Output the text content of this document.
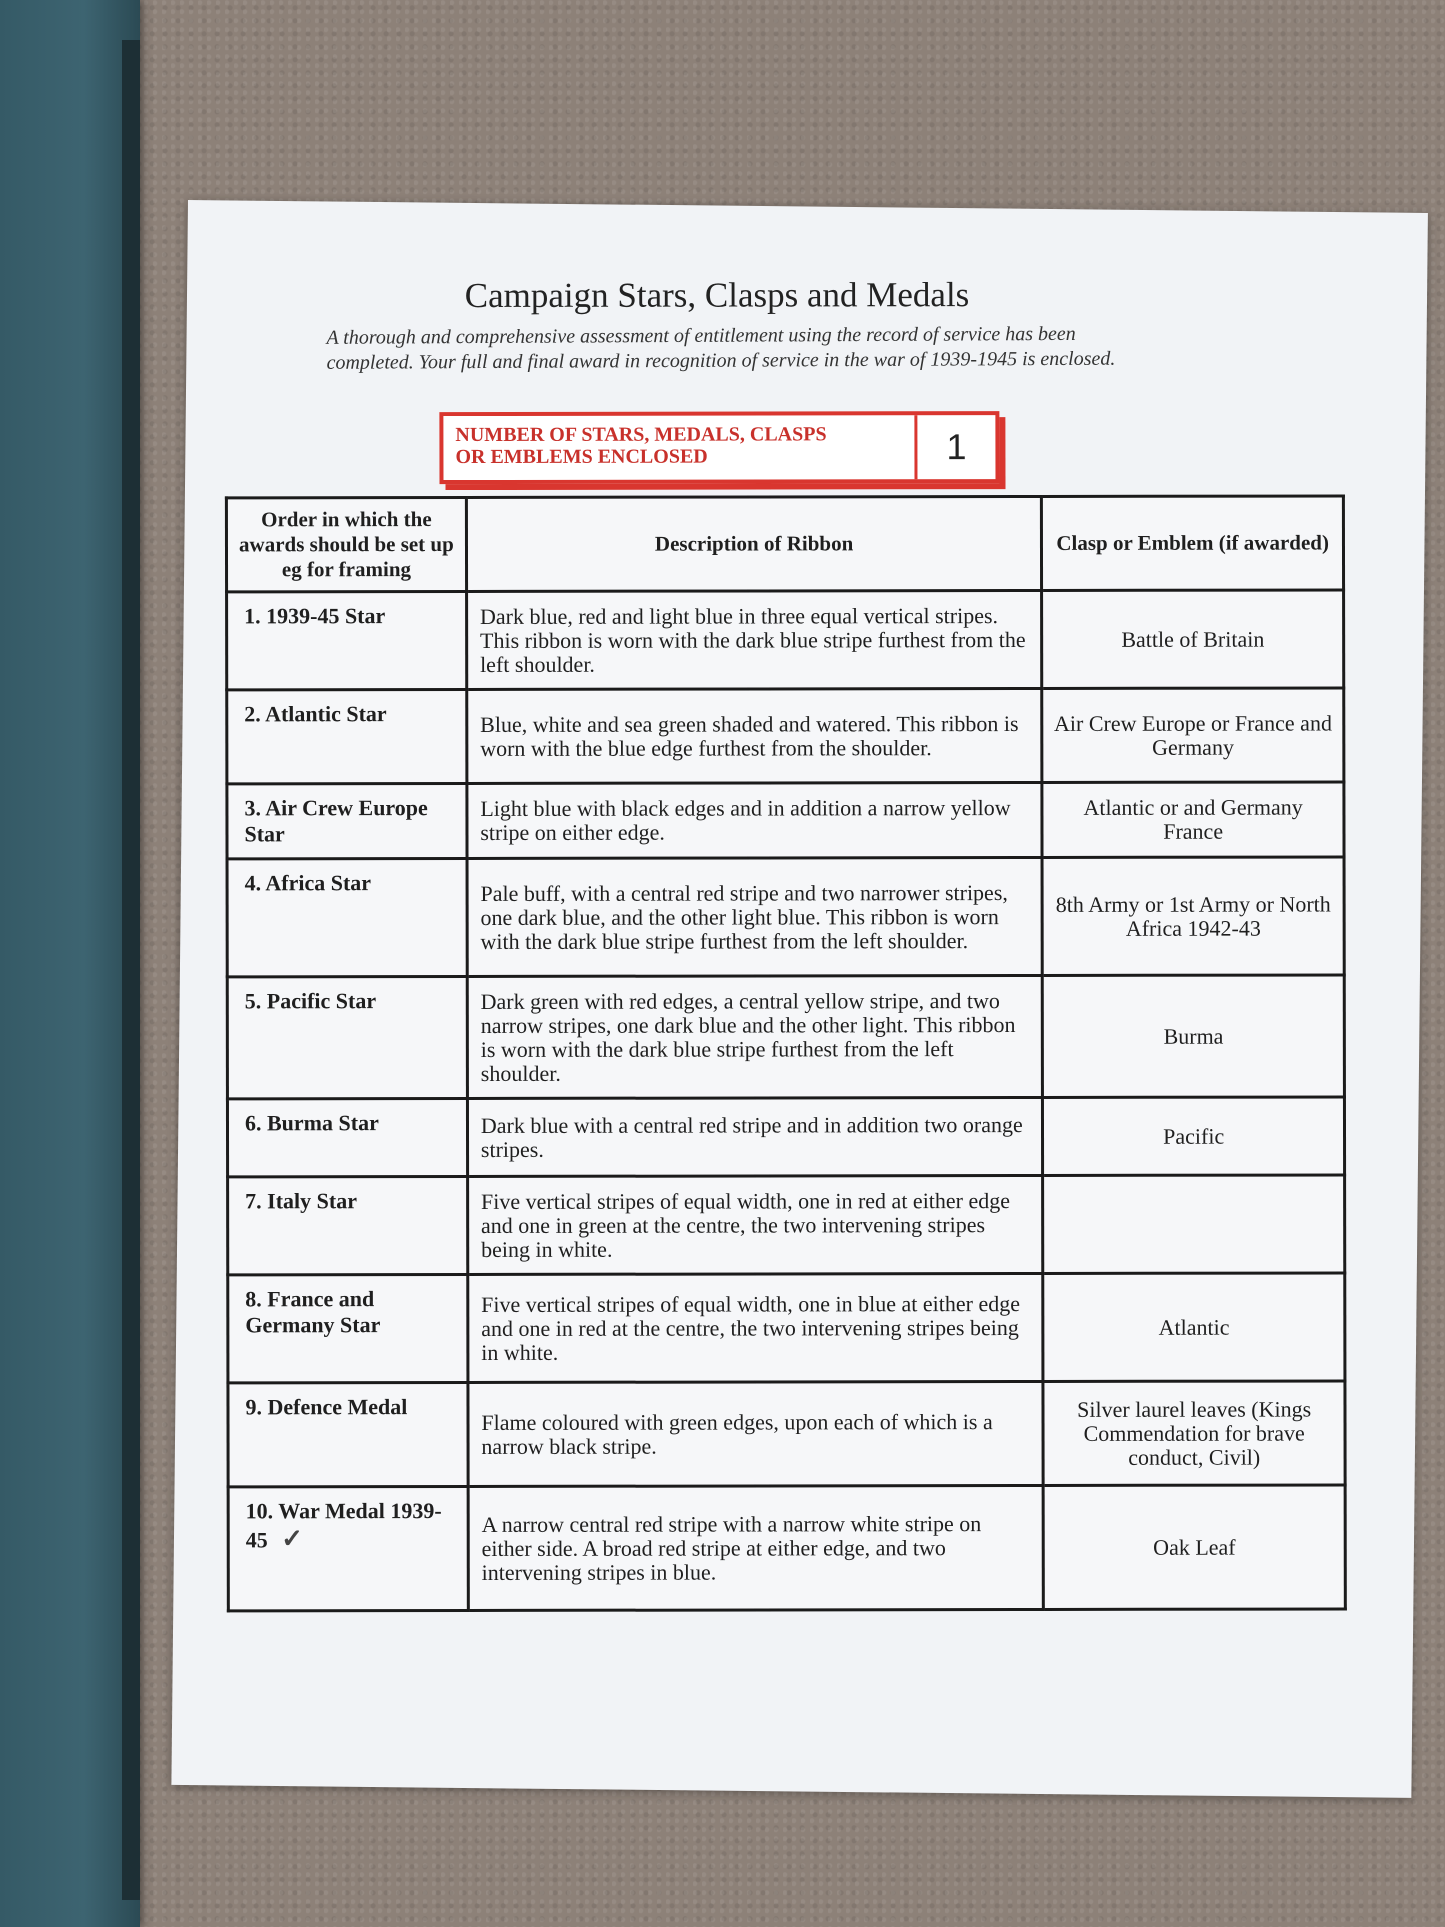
Campaign Stars, Clasps and Medals
A thorough and comprehensive assessment of entitlement using the record of service has been completed. Your full and final award in recognition of service in the war of 1939-1945 is enclosed.
NUMBER OF STARS, MEDALS, CLASPS
OR EMBLEMS ENCLOSED	1
Order in which the awards should be set up eg for framing	Description of Ribbon	Clasp or Emblem (if awarded)
1. 1939-45 Star	Dark blue, red and light blue in three equal vertical stripes. This ribbon is worn with the dark blue stripe furthest from the left shoulder.	Battle of Britain
2. Atlantic Star	Blue, white and sea green shaded and watered. This ribbon is worn with the blue edge furthest from the shoulder.	Air Crew Europe or France and Germany
3. Air Crew Europe Star	Light blue with black edges and in addition a narrow yellow stripe on either edge.	Atlantic or and Germany France
4. Africa Star	Pale buff, with a central red stripe and two narrower stripes, one dark blue, and the other light blue. This ribbon is worn with the dark blue stripe furthest from the left shoulder.	8th Army or 1st Army or North Africa 1942-43
5. Pacific Star	Dark green with red edges, a central yellow stripe, and two narrow stripes, one dark blue and the other light. This ribbon is worn with the dark blue stripe furthest from the left shoulder.	Burma
6. Burma Star	Dark blue with a central red stripe and in addition two orange stripes.	Pacific
7. Italy Star	Five vertical stripes of equal width, one in red at either edge and one in green at the centre, the two intervening stripes being in white.	
8. France and Germany Star	Five vertical stripes of equal width, one in blue at either edge and one in red at the centre, the two intervening stripes being in white.	Atlantic
9. Defence Medal	Flame coloured with green edges, upon each of which is a narrow black stripe.	Silver laurel leaves (Kings Commendation for brave conduct, Civil)
10. War Medal 1939-45 ✓	A narrow central red stripe with a narrow white stripe on either side. A broad red stripe at either edge, and two intervening stripes in blue.	Oak Leaf
